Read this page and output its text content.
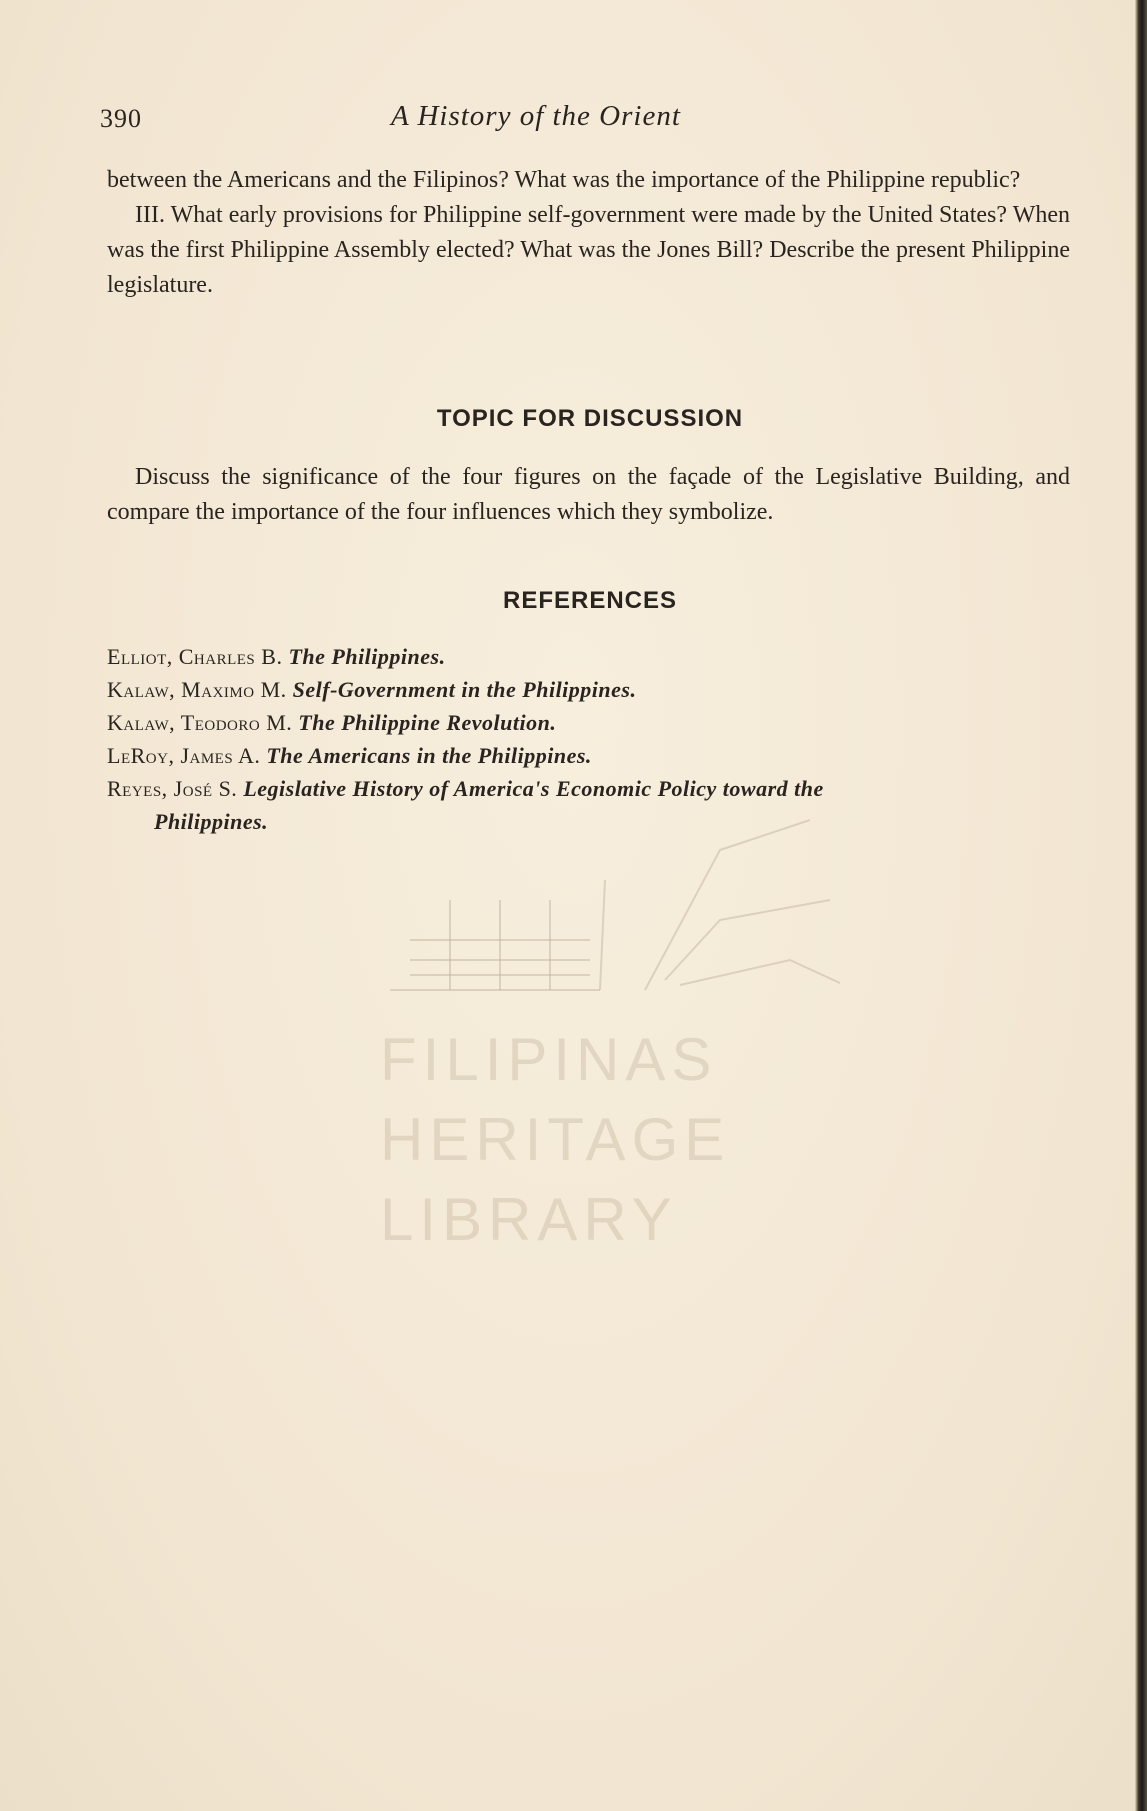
390	A History of the Orient

between the Americans and the Filipinos? What was the importance of the Philippine republic?

III. What early provisions for Philippine self-government were made by the United States? When was the first Philippine Assembly elected? What was the Jones Bill? Describe the present Philippine legislature.

TOPIC FOR DISCUSSION

Discuss the significance of the four figures on the façade of the Legislative Building, and compare the importance of the four influences which they symbolize.

REFERENCES
Elliot, Charles B. The Philippines.
Kalaw, Maximo M. Self-Government in the Philippines.
Kalaw, Teodoro M. The Philippine Revolution.
LeRoy, James A. The Americans in the Philippines.
Reyes, José S. Legislative History of America's Economic Policy toward the
Philippines.
FILIPINAS
HERITAGE
LIBRARY
